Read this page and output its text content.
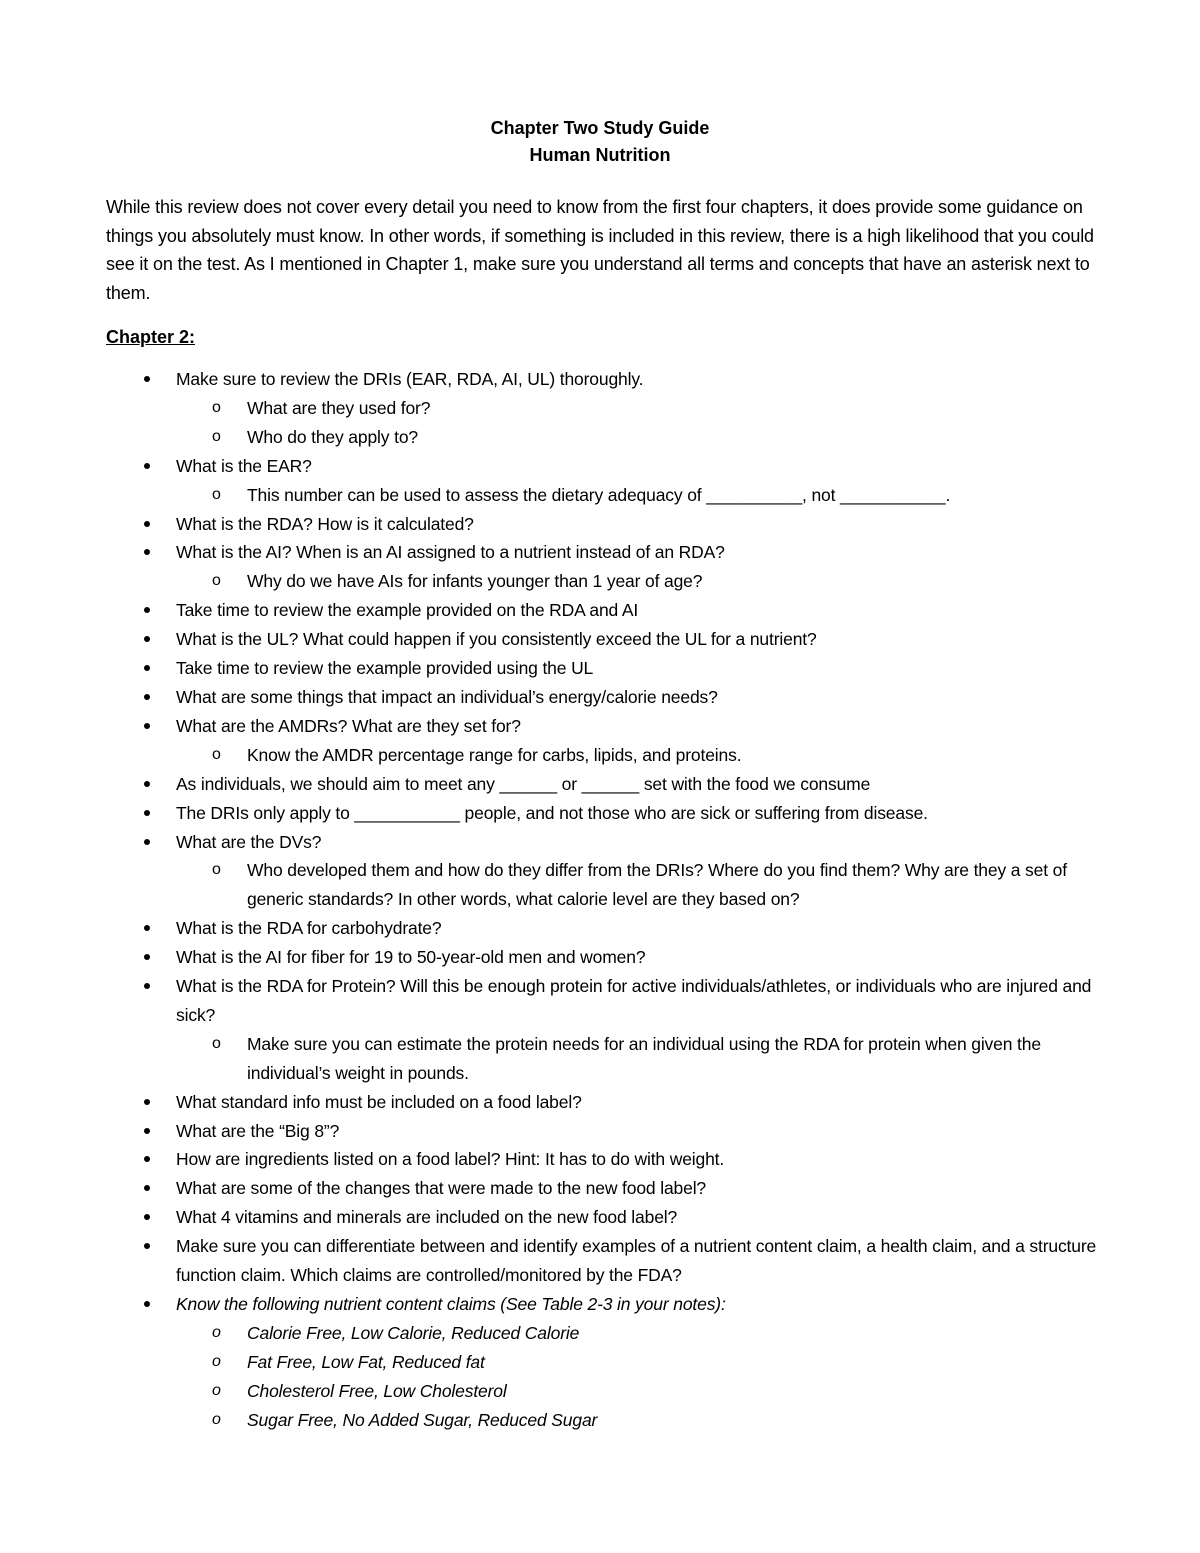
Chapter Two Study Guide
Human Nutrition
While this review does not cover every detail you need to know from the first four chapters, it does provide some guidance on things you absolutely must know. In other words, if something is included in this review, there is a high likelihood that you could see it on the test. As I mentioned in Chapter 1, make sure you understand all terms and concepts that have an asterisk next to them.
Chapter 2:
Make sure to review the DRIs (EAR, RDA, AI, UL) thoroughly.
o What are they used for?
o Who do they apply to?
What is the EAR?
o This number can be used to assess the dietary adequacy of __________, not ___________.
What is the RDA? How is it calculated?
What is the AI? When is an AI assigned to a nutrient instead of an RDA?
o Why do we have AIs for infants younger than 1 year of age?
Take time to review the example provided on the RDA and AI
What is the UL? What could happen if you consistently exceed the UL for a nutrient?
Take time to review the example provided using the UL
What are some things that impact an individual’s energy/calorie needs?
What are the AMDRs? What are they set for?
o Know the AMDR percentage range for carbs, lipids, and proteins.
As individuals, we should aim to meet any ______ or ______ set with the food we consume
The DRIs only apply to ___________ people, and not those who are sick or suffering from disease.
What are the DVs?
o Who developed them and how do they differ from the DRIs? Where do you find them? Why are they a set of generic standards? In other words, what calorie level are they based on?
What is the RDA for carbohydrate?
What is the AI for fiber for 19 to 50-year-old men and women?
What is the RDA for Protein? Will this be enough protein for active individuals/athletes, or individuals who are injured and sick?
o Make sure you can estimate the protein needs for an individual using the RDA for protein when given the individual’s weight in pounds.
What standard info must be included on a food label?
What are the “Big 8”?
How are ingredients listed on a food label? Hint: It has to do with weight.
What are some of the changes that were made to the new food label?
What 4 vitamins and minerals are included on the new food label?
Make sure you can differentiate between and identify examples of a nutrient content claim, a health claim, and a structure function claim. Which claims are controlled/monitored by the FDA?
Know the following nutrient content claims (See Table 2-3 in your notes):
o Calorie Free, Low Calorie, Reduced Calorie
o Fat Free, Low Fat, Reduced fat
o Cholesterol Free, Low Cholesterol
o Sugar Free, No Added Sugar, Reduced Sugar
